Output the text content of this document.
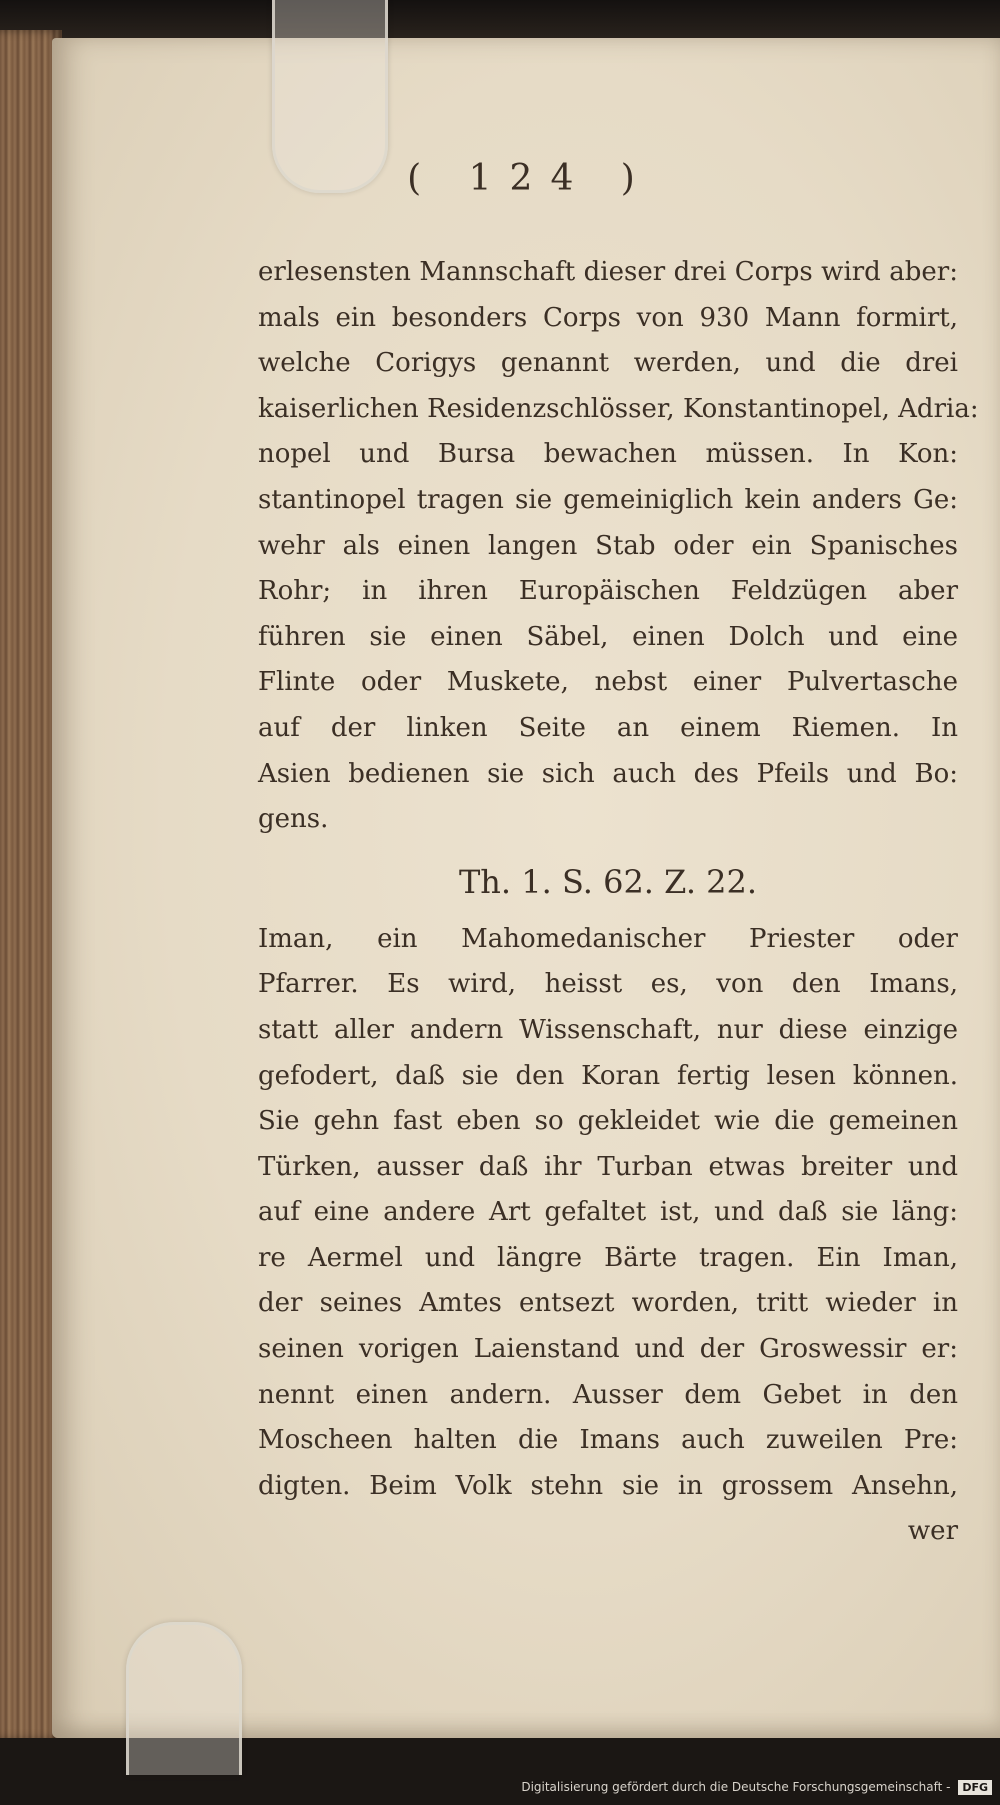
( 124 )
erlesensten Mannschaft dieser drei Corps wird aber:
mals ein besonders Corps von 930 Mann formirt,
welche Corigys genannt werden, und die drei
kaiserlichen Residenzschlösser, Konstantinopel, Adria:
nopel und Bursa bewachen müssen. In Kon:
stantinopel tragen sie gemeiniglich kein anders Ge:
wehr als einen langen Stab oder ein Spanisches
Rohr; in ihren Europäischen Feldzügen aber
führen sie einen Säbel, einen Dolch und eine
Flinte oder Muskete, nebst einer Pulvertasche
auf der linken Seite an einem Riemen. In
Asien bedienen sie sich auch des Pfeils und Bo:
gens.
Th. 1. S. 62. Z. 22.
Iman, ein Mahomedanischer Priester oder
Pfarrer. Es wird, heisst es, von den Imans,
statt aller andern Wissenschaft, nur diese einzige
gefodert, daß sie den Koran fertig lesen können.
Sie gehn fast eben so gekleidet wie die gemeinen
Türken, ausser daß ihr Turban etwas breiter und
auf eine andere Art gefaltet ist, und daß sie läng:
re Aermel und längre Bärte tragen. Ein Iman,
der seines Amtes entsezt worden, tritt wieder in
seinen vorigen Laienstand und der Groswessir er:
nennt einen andern. Ausser dem Gebet in den
Moscheen halten die Imans auch zuweilen Pre:
digten. Beim Volk stehn sie in grossem Ansehn,
wer
Digitalisierung gefördert durch die Deutsche Forschungsgemeinschaft - DFG
